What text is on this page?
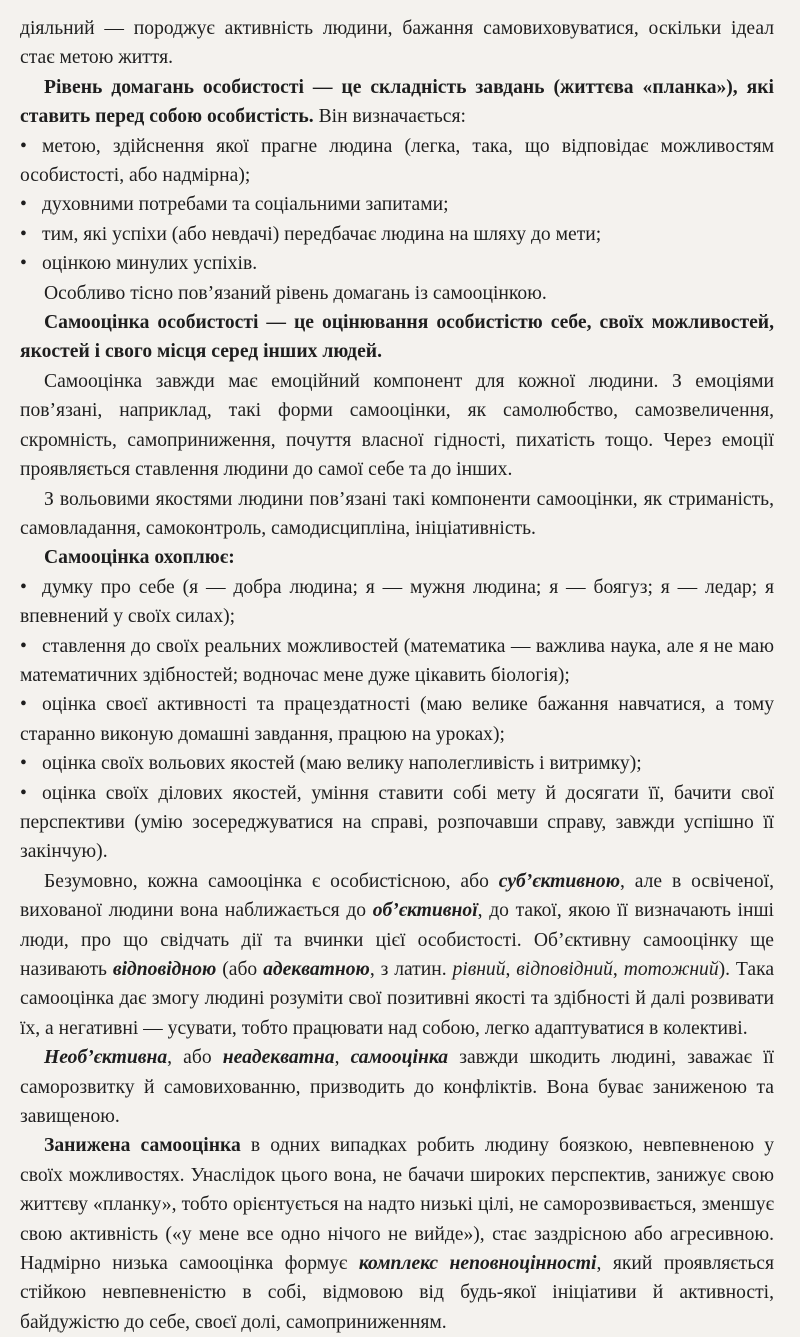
діяльний — породжує активність людини, бажання самовиховуватися, оскільки ідеал стає метою життя.

Рівень домагань особистості — це складність завдань (життєва «планка»), які ставить перед собою особистість. Він визначається:

• метою, здійснення якої прагне людина (легка, така, що відповідає можливостям особистості, або надмірна);

• духовними потребами та соціальними запитами;

• тим, які успіхи (або невдачі) передбачає людина на шляху до мети;

• оцінкою минулих успіхів.

Особливо тісно пов’язаний рівень домагань із самооцінкою.

Самооцінка особистості — це оцінювання особистістю себе, своїх можливостей, якостей і свого місця серед інших людей.

Самооцінка завжди має емоційний компонент для кожної людини. З емоціями пов’язані, наприклад, такі форми самооцінки, як самолюбство, самозвеличення, скромність, самоприниження, почуття власної гідності, пихатість тощо. Через емоції проявляється ставлення людини до самої себе та до інших.

З вольовими якостями людини пов’язані такі компоненти самооцінки, як стриманість, самовладання, самоконтроль, самодисципліна, ініціативність.

Самооцінка охоплює:

• думку про себе (я — добра людина; я — мужня людина; я — боягуз; я — ледар; я впевнений у своїх силах);

• ставлення до своїх реальних можливостей (математика — важлива наука, але я не маю математичних здібностей; водночас мене дуже цікавить біологія);

• оцінка своєї активності та працездатності (маю велике бажання навчатися, а тому старанно виконую домашні завдання, працюю на уроках);

• оцінка своїх вольових якостей (маю велику наполегливість і витримку);

• оцінка своїх ділових якостей, уміння ставити собі мету й досягати її, бачити свої перспективи (умію зосереджуватися на справі, розпочавши справу, завжди успішно її закінчую).

Безумовно, кожна самооцінка є особистісною, або суб’єктивною, але в освіченої, вихованої людини вона наближається до об’єктивної, до такої, якою її визначають інші люди, про що свідчать дії та вчинки цієї особистості. Об’єктивну самооцінку ще називають відповідною (або адекватною, з латин. рівний, відповідний, тотожний). Така самооцінка дає змогу людині розуміти свої позитивні якості та здібності й далі розвивати їх, а негативні — усувати, тобто працювати над собою, легко адаптуватися в колективі.

Необ’єктивна, або неадекватна, самооцінка завжди шкодить людині, заважає її саморозвитку й самовихованню, призводить до конфліктів. Вона буває заниженою та завищеною.

Занижена самооцінка в одних випадках робить людину боязкою, невпевненою у своїх можливостях. Унаслідок цього вона, не бачачи широких перспектив, занижує свою життєву «планку», тобто орієнтується на надто низькі цілі, не саморозвивається, зменшує свою активність («у мене все одно нічого не вийде»), стає заздрісною або агресивною. Надмірно низька самооцінка формує комплекс неповноцінності, який проявляється стійкою невпевненістю в собі, відмовою від будь-якої ініціативи й активності, байдужістю до себе, своєї долі, самоприниженням.
